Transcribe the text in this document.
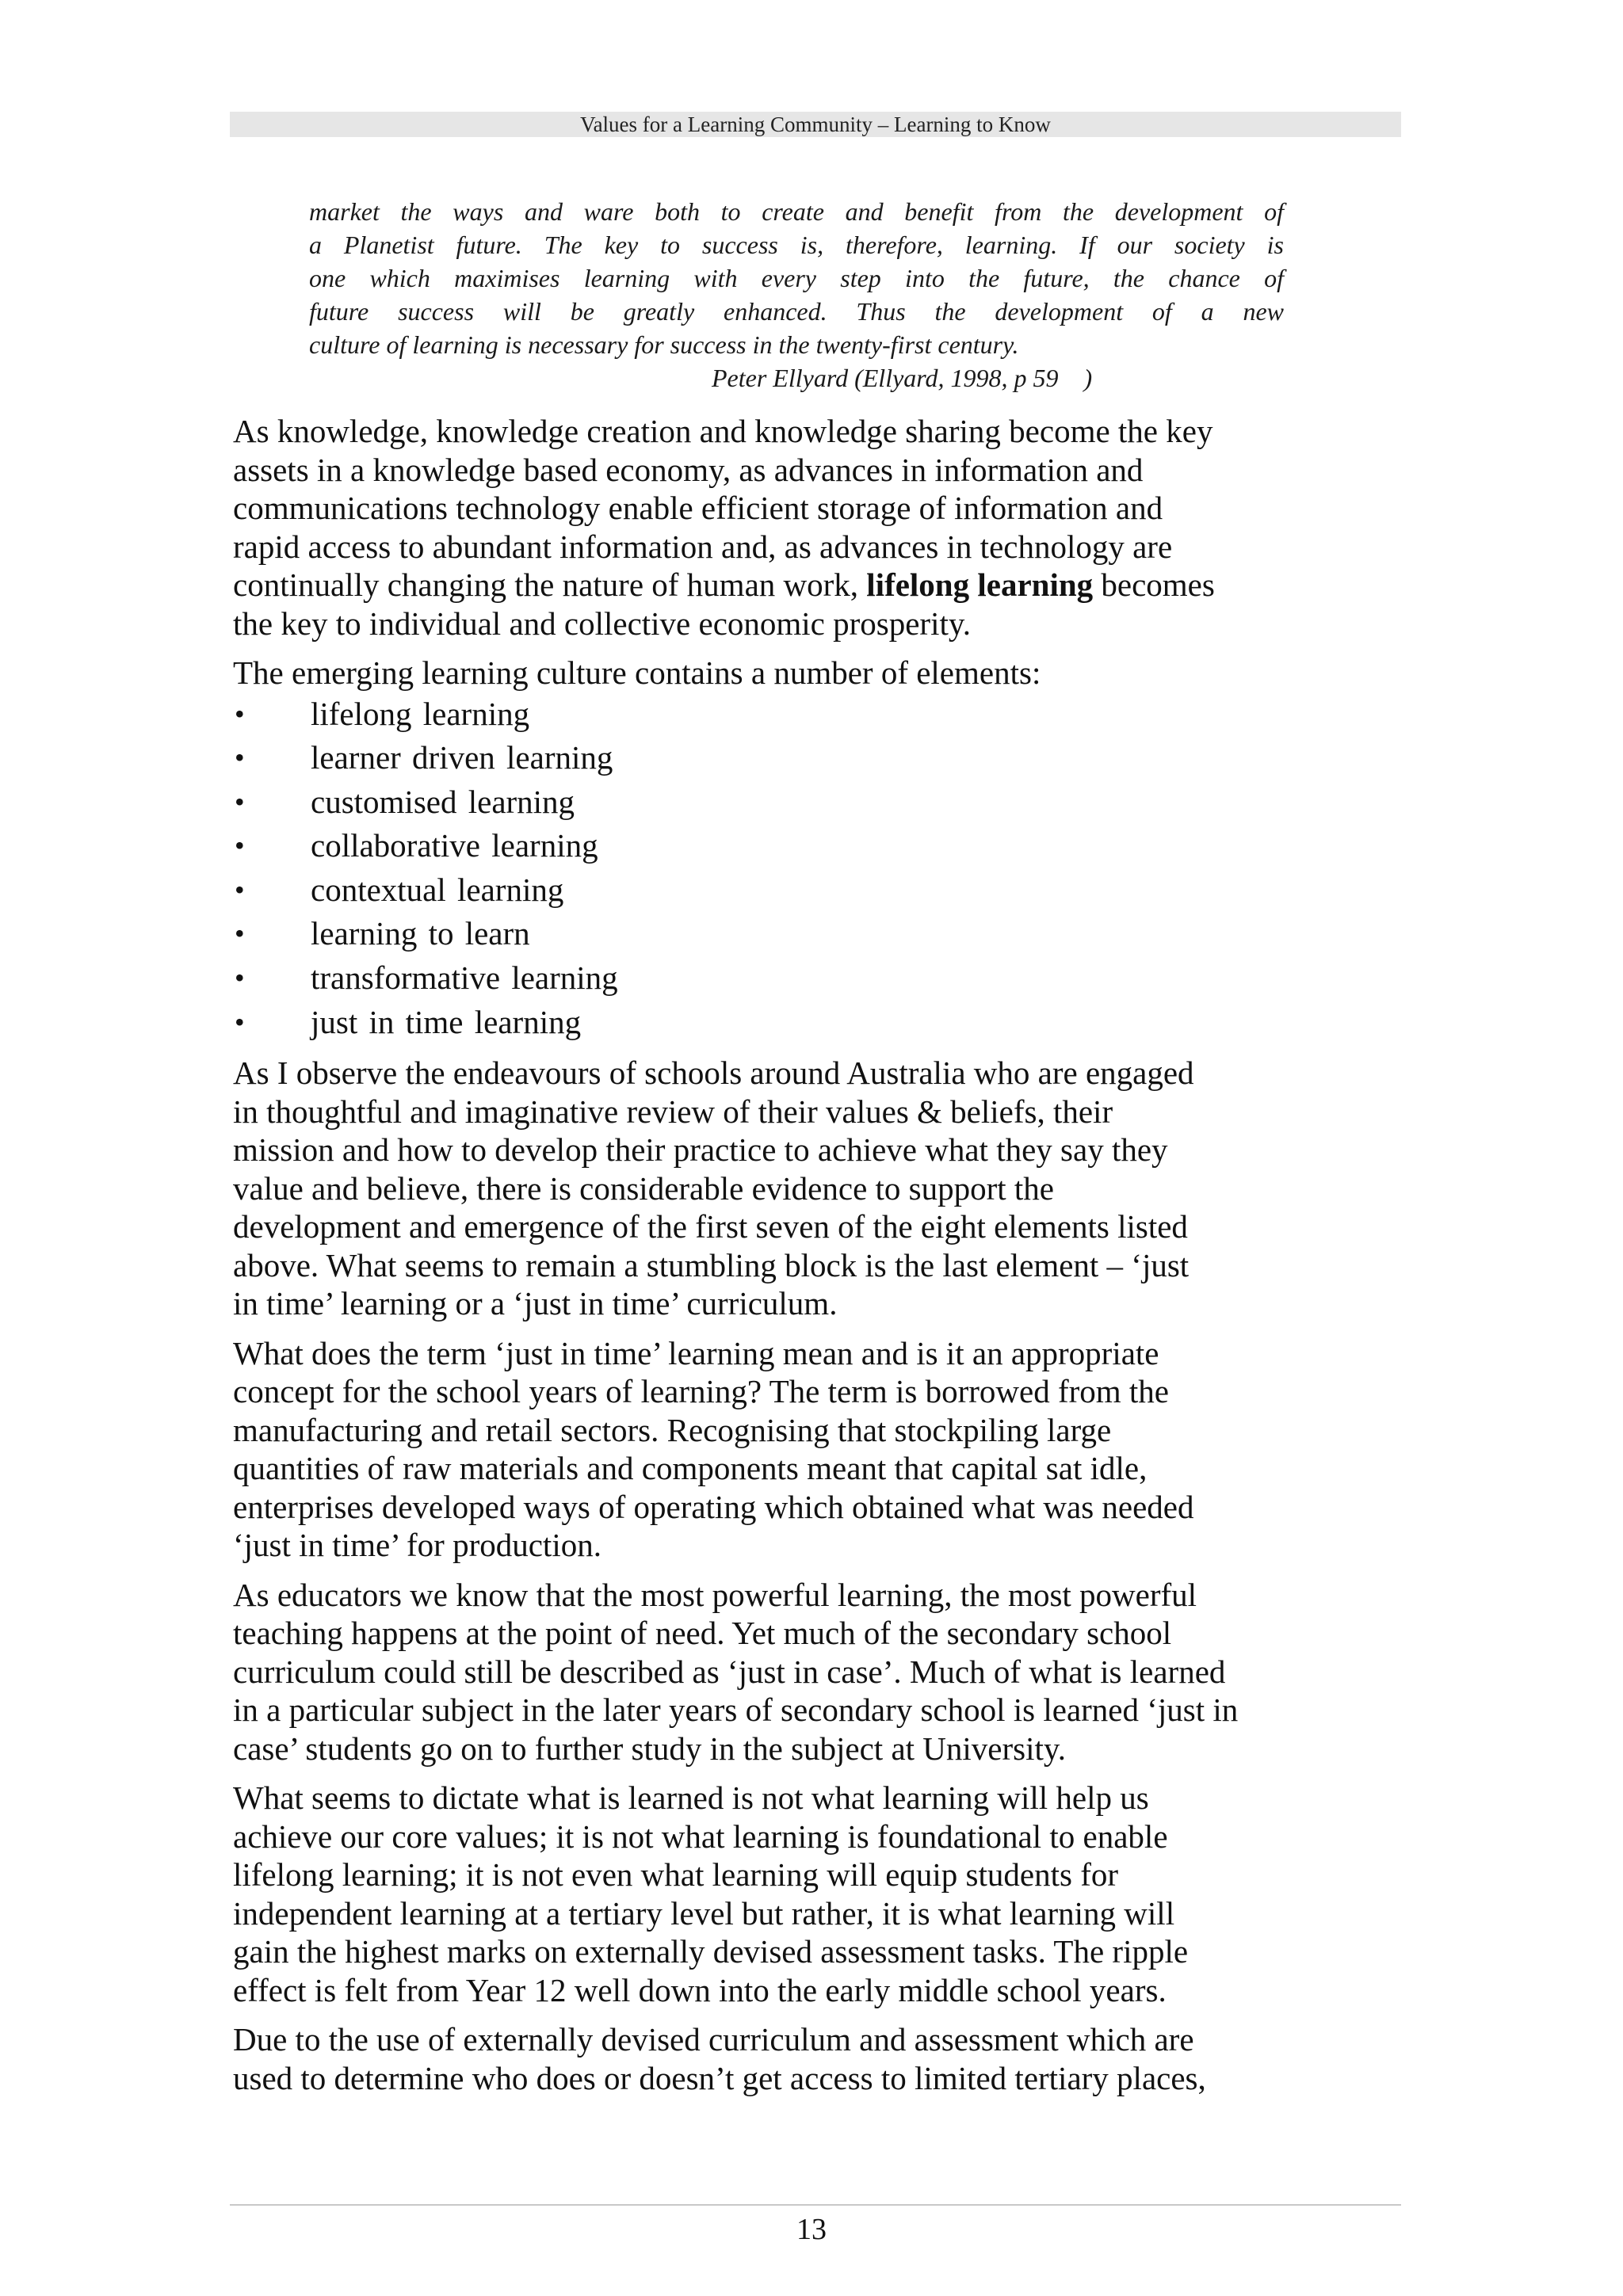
Values for a Learning Community – Learning to Know
market the ways and ware both to create and benefit from the development of
a Planetist future. The key to success is, therefore, learning. If our society is
one which maximises learning with every step into the future, the chance of
future success will be greatly enhanced. Thus the development of a new
culture of learning is necessary for success in the twenty-first century.
Peter Ellyard (Ellyard, 1998, p 59    )

As knowledge, knowledge creation and knowledge sharing become the key
assets in a knowledge based economy, as advances in information and
communications technology enable efficient storage of information and
rapid access to abundant information and, as advances in technology are
continually changing the nature of human work, lifelong learning becomes
the key to individual and collective economic prosperity.

The emerging learning culture contains a number of elements:

•	lifelong learning
•	learner driven learning
•	customised learning
•	collaborative learning
•	contextual learning
•	learning to learn
•	transformative learning
•	just in time learning

As I observe the endeavours of schools around Australia who are engaged
in thoughtful and imaginative review of their values & beliefs, their
mission and how to develop their practice to achieve what they say they
value and believe, there is considerable evidence to support the
development and emergence of the first seven of the eight elements listed
above. What seems to remain a stumbling block is the last element – ‘just
in time’ learning or a ‘just in time’ curriculum.

What does the term ‘just in time’ learning mean and is it an appropriate
concept for the school years of learning? The term is borrowed from the
manufacturing and retail sectors. Recognising that stockpiling large
quantities of raw materials and components meant that capital sat idle,
enterprises developed ways of operating which obtained what was needed
‘just in time’ for production.

As educators we know that the most powerful learning, the most powerful
teaching happens at the point of need. Yet much of the secondary school
curriculum could still be described as ‘just in case’. Much of what is learned
in a particular subject in the later years of secondary school is learned ‘just in
case’ students go on to further study in the subject at University.

What seems to dictate what is learned is not what learning will help us
achieve our core values; it is not what learning is foundational to enable
lifelong learning; it is not even what learning will equip students for
independent learning at a tertiary level but rather, it is what learning will
gain the highest marks on externally devised assessment tasks. The ripple
effect is felt from Year 12 well down into the early middle school years.

Due to the use of externally devised curriculum and assessment which are
used to determine who does or doesn’t get access to limited tertiary places,

13
